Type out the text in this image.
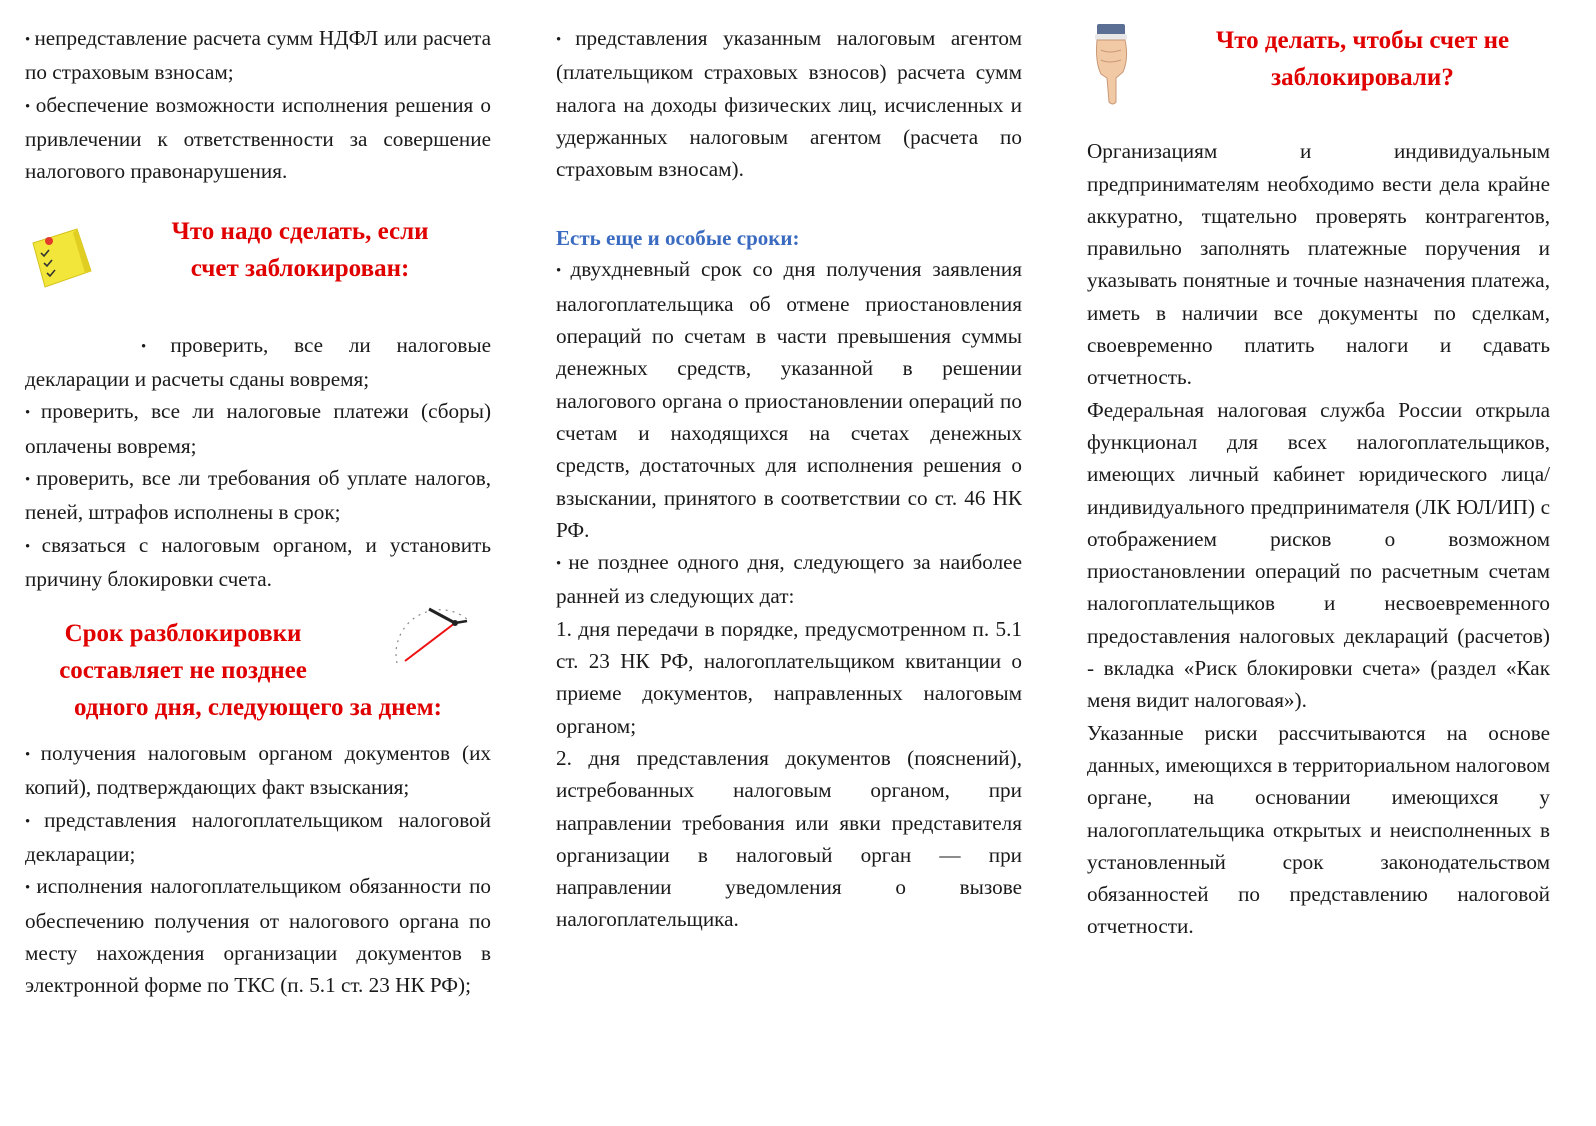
• непредставление расчета сумм НДФЛ или расчета по страховым взносам;

• обеспечение возможности исполнения решения о привлечении к ответственности за совершение налогового правонарушения.

Что надо сделать, если

счет заблокирован:

• проверить, все ли налоговые декларации и расчеты сданы вовремя;

• проверить, все ли налоговые платежи (сборы) оплачены вовремя;

• проверить, все ли требования об уплате налогов, пеней, штрафов исполнены в срок;

• связаться с налоговым органом, и установить причину блокировки счета.

Срок разблокировки

составляет не позднее

одного дня, следующего за днем:

• получения налоговым органом документов (их копий), подтверждающих факт взыскания;

• представления налогоплательщиком налоговой декларации;

• исполнения налогоплательщиком обязанности по обеспечению получения от налогового органа по месту нахождения организации документов в электронной форме по ТКС (п. 5.1 ст. 23 НК РФ);

• представления указанным налоговым агентом (плательщиком страховых взносов) расчета сумм налога на доходы физических лиц, исчисленных и удержанных налоговым агентом (расчета по страховым взносам).

Есть еще и особые сроки:

• двухдневный срок со дня получения заявления налогоплательщика об отмене приостановления операций по счетам в части превышения суммы денежных средств, указанной в решении налогового органа о приостановлении операций по счетам и находящихся на счетах денежных средств, достаточных для исполнения решения о взыскании, принятого в соответствии со ст. 46 НК РФ.

• не позднее одного дня, следующего за наиболее ранней из следующих дат:

1. дня передачи в порядке, предусмотренном п. 5.1 ст. 23 НК РФ, налогоплательщиком квитанции о приеме документов, направленных налоговым органом;

2. дня представления документов (пояснений), истребованных налоговым органом, при направлении требования или явки представителя организации в налоговый орган — при направлении уведомления о вызове налогоплательщика.

Что делать, чтобы счет не

заблокировали?

Организациям и индивидуальным предпринимателям необходимо вести дела крайне аккуратно, тщательно проверять контрагентов, правильно заполнять платежные поручения и указывать понятные и точные назначения платежа, иметь в наличии все документы по сделкам, своевременно платить налоги и сдавать отчетность.

Федеральная налоговая служба России открыла функционал для всех налогоплательщиков, имеющих личный кабинет юридического лица/индивидуального предпринимателя (ЛК ЮЛ/ИП) с отображением рисков о возможном приостановлении операций по расчетным счетам налогоплательщиков и несвоевременного предоставления налоговых деклараций (расчетов) - вкладка «Риск блокировки счета» (раздел «Как меня видит налоговая»).

Указанные риски рассчитываются на основе данных, имеющихся в территориальном налоговом органе, на основании имеющихся у налогоплательщика открытых и неисполненных в установленный срок законодательством обязанностей по представлению налоговой отчетности.
